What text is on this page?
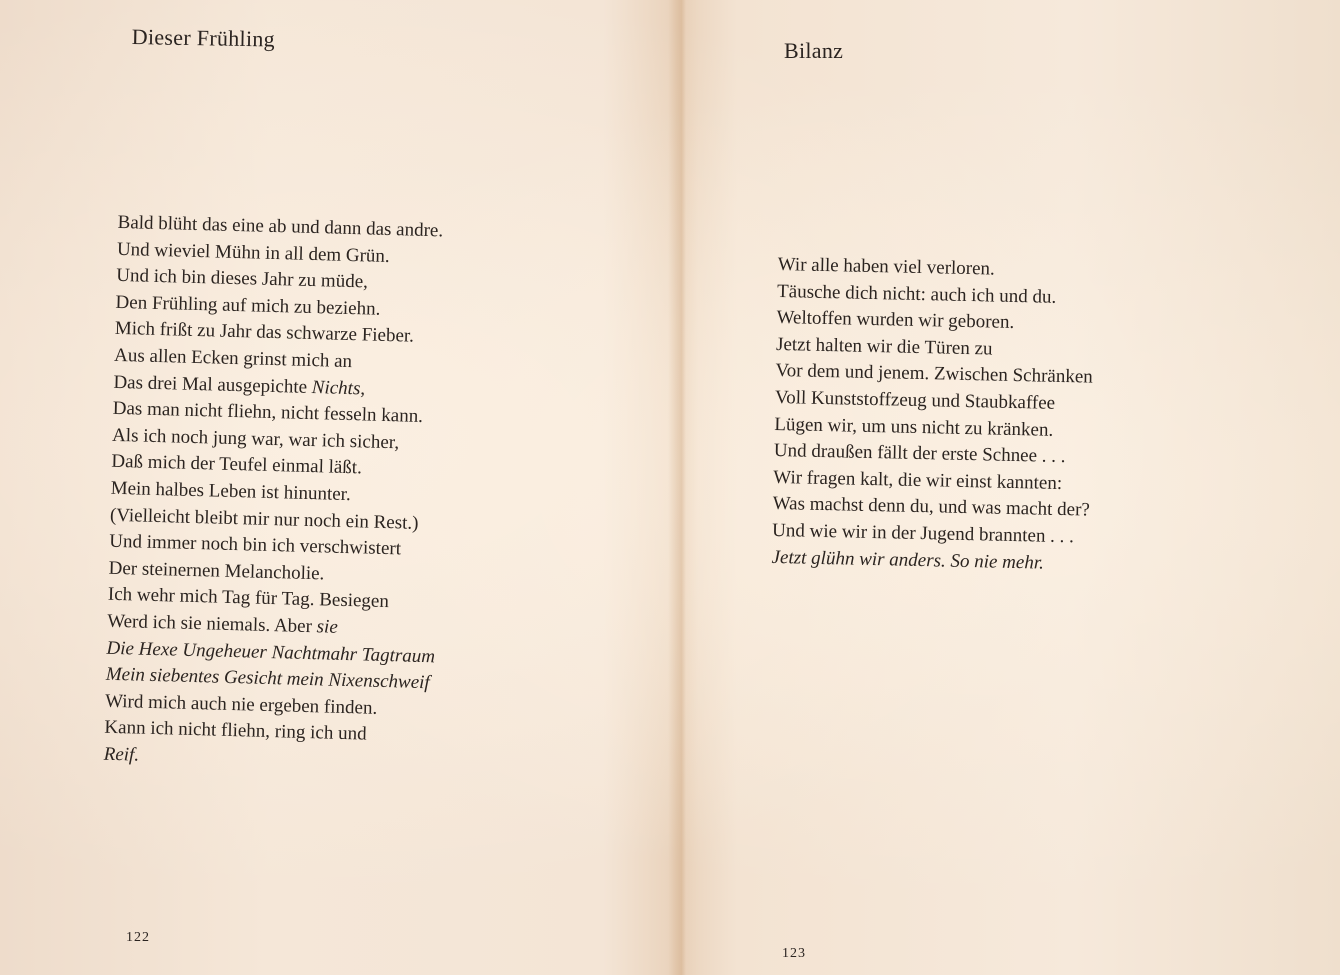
Dieser Frühling
Bald blüht das eine ab und dann das andre.
Und wieviel Mühn in all dem Grün.
Und ich bin dieses Jahr zu müde,
Den Frühling auf mich zu beziehn.
Mich frißt zu Jahr das schwarze Fieber.
Aus allen Ecken grinst mich an
Das drei Mal ausgepichte Nichts,
Das man nicht fliehn, nicht fesseln kann.
Als ich noch jung war, war ich sicher,
Daß mich der Teufel einmal läßt.
Mein halbes Leben ist hinunter.
(Vielleicht bleibt mir nur noch ein Rest.)
Und immer noch bin ich verschwistert
Der steinernen Melancholie.
Ich wehr mich Tag für Tag. Besiegen
Werd ich sie niemals. Aber sie
Die Hexe Ungeheuer Nachtmahr Tagtraum
Mein siebentes Gesicht mein Nixenschweif
Wird mich auch nie ergeben finden.
Kann ich nicht fliehn, ring ich und
Reif.
122
Bilanz
Wir alle haben viel verloren.
Täusche dich nicht: auch ich und du.
Weltoffen wurden wir geboren.
Jetzt halten wir die Türen zu
Vor dem und jenem. Zwischen Schränken
Voll Kunststoffzeug und Staubkaffee
Lügen wir, um uns nicht zu kränken.
Und draußen fällt der erste Schnee . . .
Wir fragen kalt, die wir einst kannten:
Was machst denn du, und was macht der?
Und wie wir in der Jugend brannten . . .
Jetzt glühn wir anders. So nie mehr.
123
